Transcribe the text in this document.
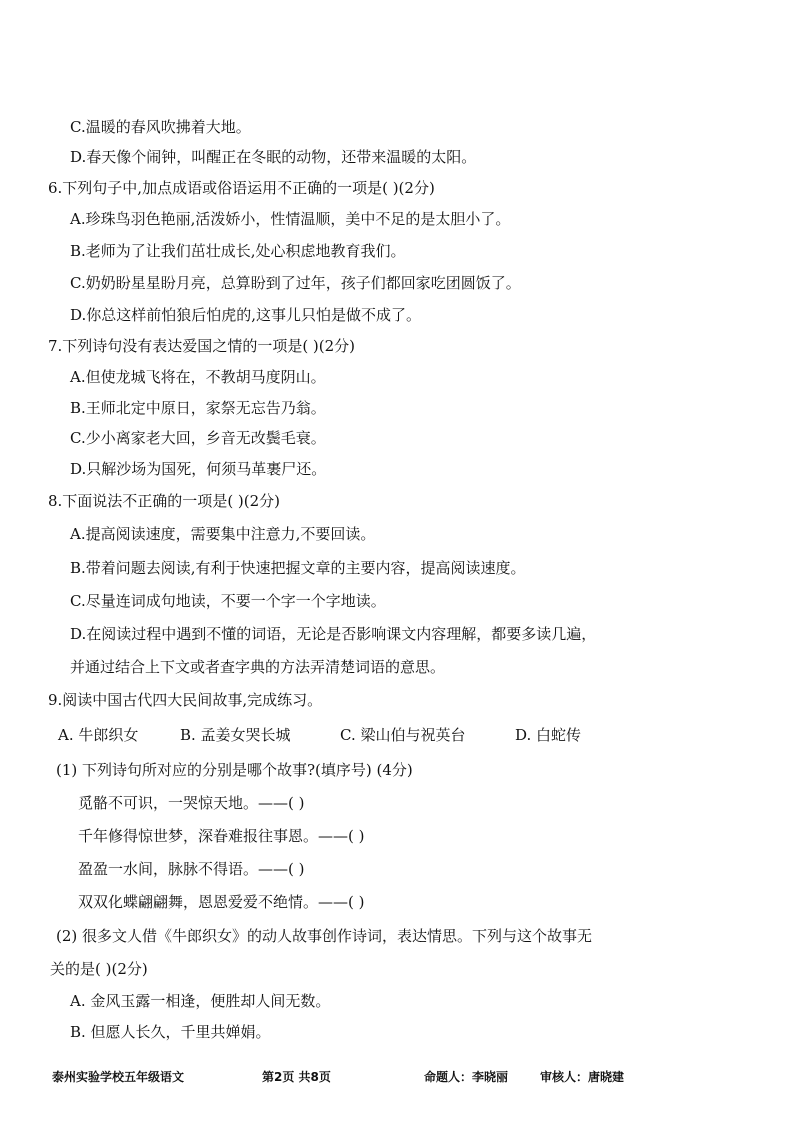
C.温暖的春风吹拂着大地。
D.春天像个闹钟，叫醒正在冬眠的动物，还带来温暖的太阳。
6.下列句子中,加点成语或俗语运用不正确的一项是( )(2分)
A.珍珠鸟羽色艳丽,活泼娇小，性情温顺，美中不足的是太胆小了。
B.老师为了让我们茁壮成长,处心积虑地教育我们。
C.奶奶盼星星盼月亮，总算盼到了过年，孩子们都回家吃团圆饭了。
D.你总这样前怕狼后怕虎的,这事儿只怕是做不成了。
7.下列诗句没有表达爱国之情的一项是( )(2分)
A.但使龙城飞将在，不教胡马度阴山。
B.王师北定中原日，家祭无忘告乃翁。
C.少小离家老大回，乡音无改鬓毛衰。
D.只解沙场为国死，何须马革裹尸还。
8.下面说法不正确的一项是( )(2分)
A.提高阅读速度，需要集中注意力,不要回读。
B.带着问题去阅读,有利于快速把握文章的主要内容，提高阅读速度。
C.尽量连词成句地读，不要一个字一个字地读。
D.在阅读过程中遇到不懂的词语，无论是否影响课文内容理解，都要多读几遍，
并通过结合上下文或者查字典的方法弄清楚词语的意思。
9.阅读中国古代四大民间故事,完成练习。
A. 牛郎织女	B. 孟姜女哭长城	C. 梁山伯与祝英台	D. 白蛇传
(1) 下列诗句所对应的分别是哪个故事?(填序号) (4分)
觅骼不可识，一哭惊天地。——( )
千年修得惊世梦，深眷难报往事恩。——( )
盈盈一水间，脉脉不得语。——( )
双双化蝶翩翩舞，恩恩爱爱不绝情。——( )
(2) 很多文人借《牛郎织女》的动人故事创作诗词，表达情思。下列与这个故事无
关的是( )(2分)
A. 金风玉露一相逢，便胜却人间无数。
B. 但愿人长久，千里共婵娟。
泰州实验学校五年级语文	第2页 共8页	命题人：李晓丽	审核人：唐晓建
